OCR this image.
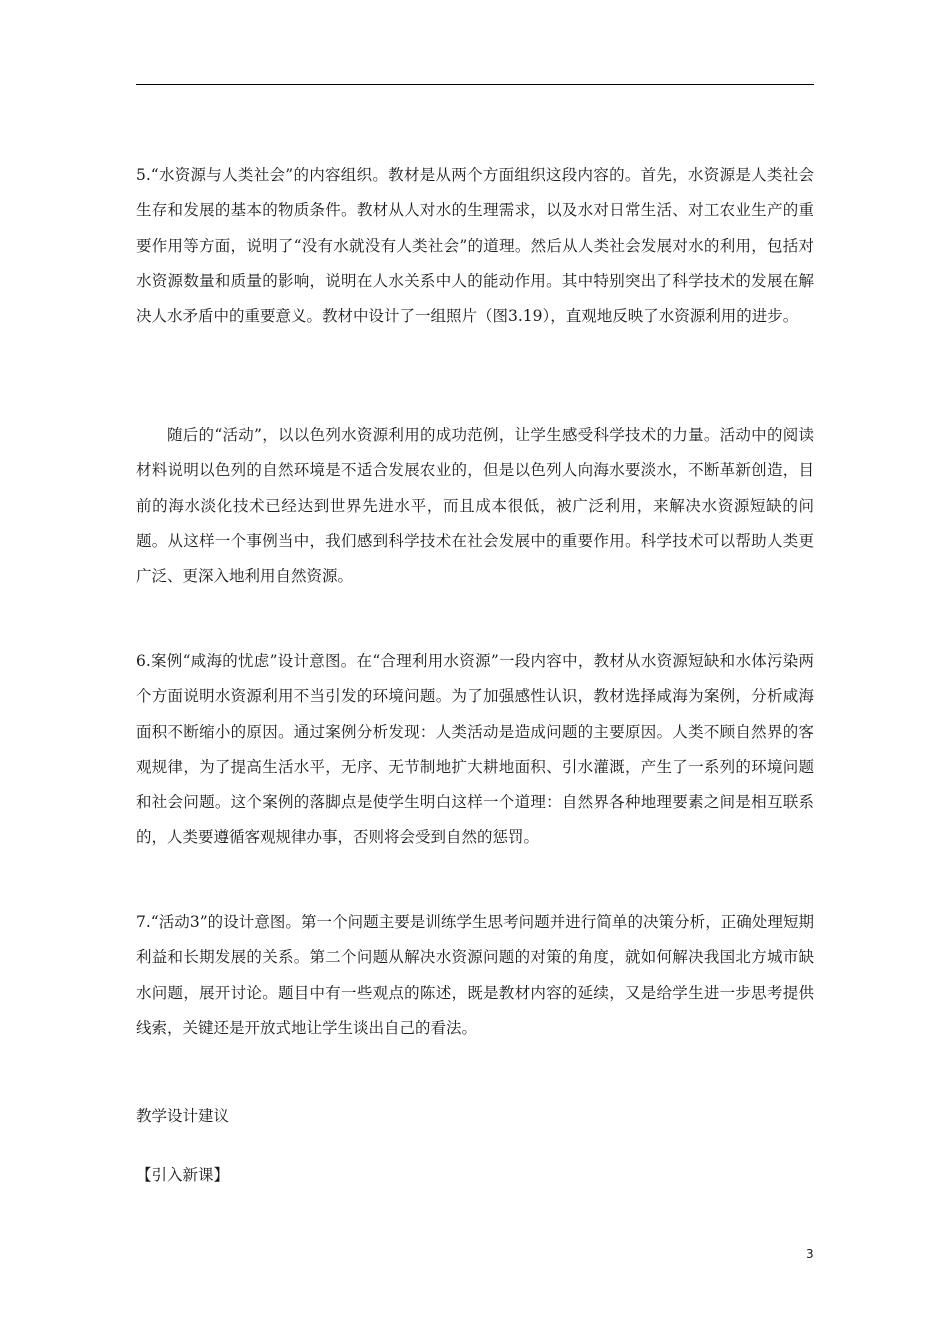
5.“水资源与人类社会”的内容组织。教材是从两个方面组织这段内容的。首先，水资源是人类社会生存和发展的基本的物质条件。教材从人对水的生理需求，以及水对日常生活、对工农业生产的重要作用等方面，说明了“没有水就没有人类社会”的道理。然后从人类社会发展对水的利用，包括对水资源数量和质量的影响，说明在人水关系中人的能动作用。其中特别突出了科学技术的发展在解决人水矛盾中的重要意义。教材中设计了一组照片（图3.19），直观地反映了水资源利用的进步。

随后的“活动”，以以色列水资源利用的成功范例，让学生感受科学技术的力量。活动中的阅读材料说明以色列的自然环境是不适合发展农业的，但是以色列人向海水要淡水，不断革新创造，目前的海水淡化技术已经达到世界先进水平，而且成本很低，被广泛利用，来解决水资源短缺的问题。从这样一个事例当中，我们感到科学技术在社会发展中的重要作用。科学技术可以帮助人类更广泛、更深入地利用自然资源。

6.案例“咸海的忧虑”设计意图。在“合理利用水资源”一段内容中，教材从水资源短缺和水体污染两个方面说明水资源利用不当引发的环境问题。为了加强感性认识，教材选择咸海为案例，分析咸海面积不断缩小的原因。通过案例分析发现：人类活动是造成问题的主要原因。人类不顾自然界的客观规律，为了提高生活水平，无序、无节制地扩大耕地面积、引水灌溉，产生了一系列的环境问题和社会问题。这个案例的落脚点是使学生明白这样一个道理：自然界各种地理要素之间是相互联系的，人类要遵循客观规律办事，否则将会受到自然的惩罚。

7.“活动3”的设计意图。第一个问题主要是训练学生思考问题并进行简单的决策分析，正确处理短期利益和长期发展的关系。第二个问题从解决水资源问题的对策的角度，就如何解决我国北方城市缺水问题，展开讨论。题目中有一些观点的陈述，既是教材内容的延续，又是给学生进一步思考提供线索，关键还是开放式地让学生谈出自己的看法。

教学设计建议

【引入新课】

3
